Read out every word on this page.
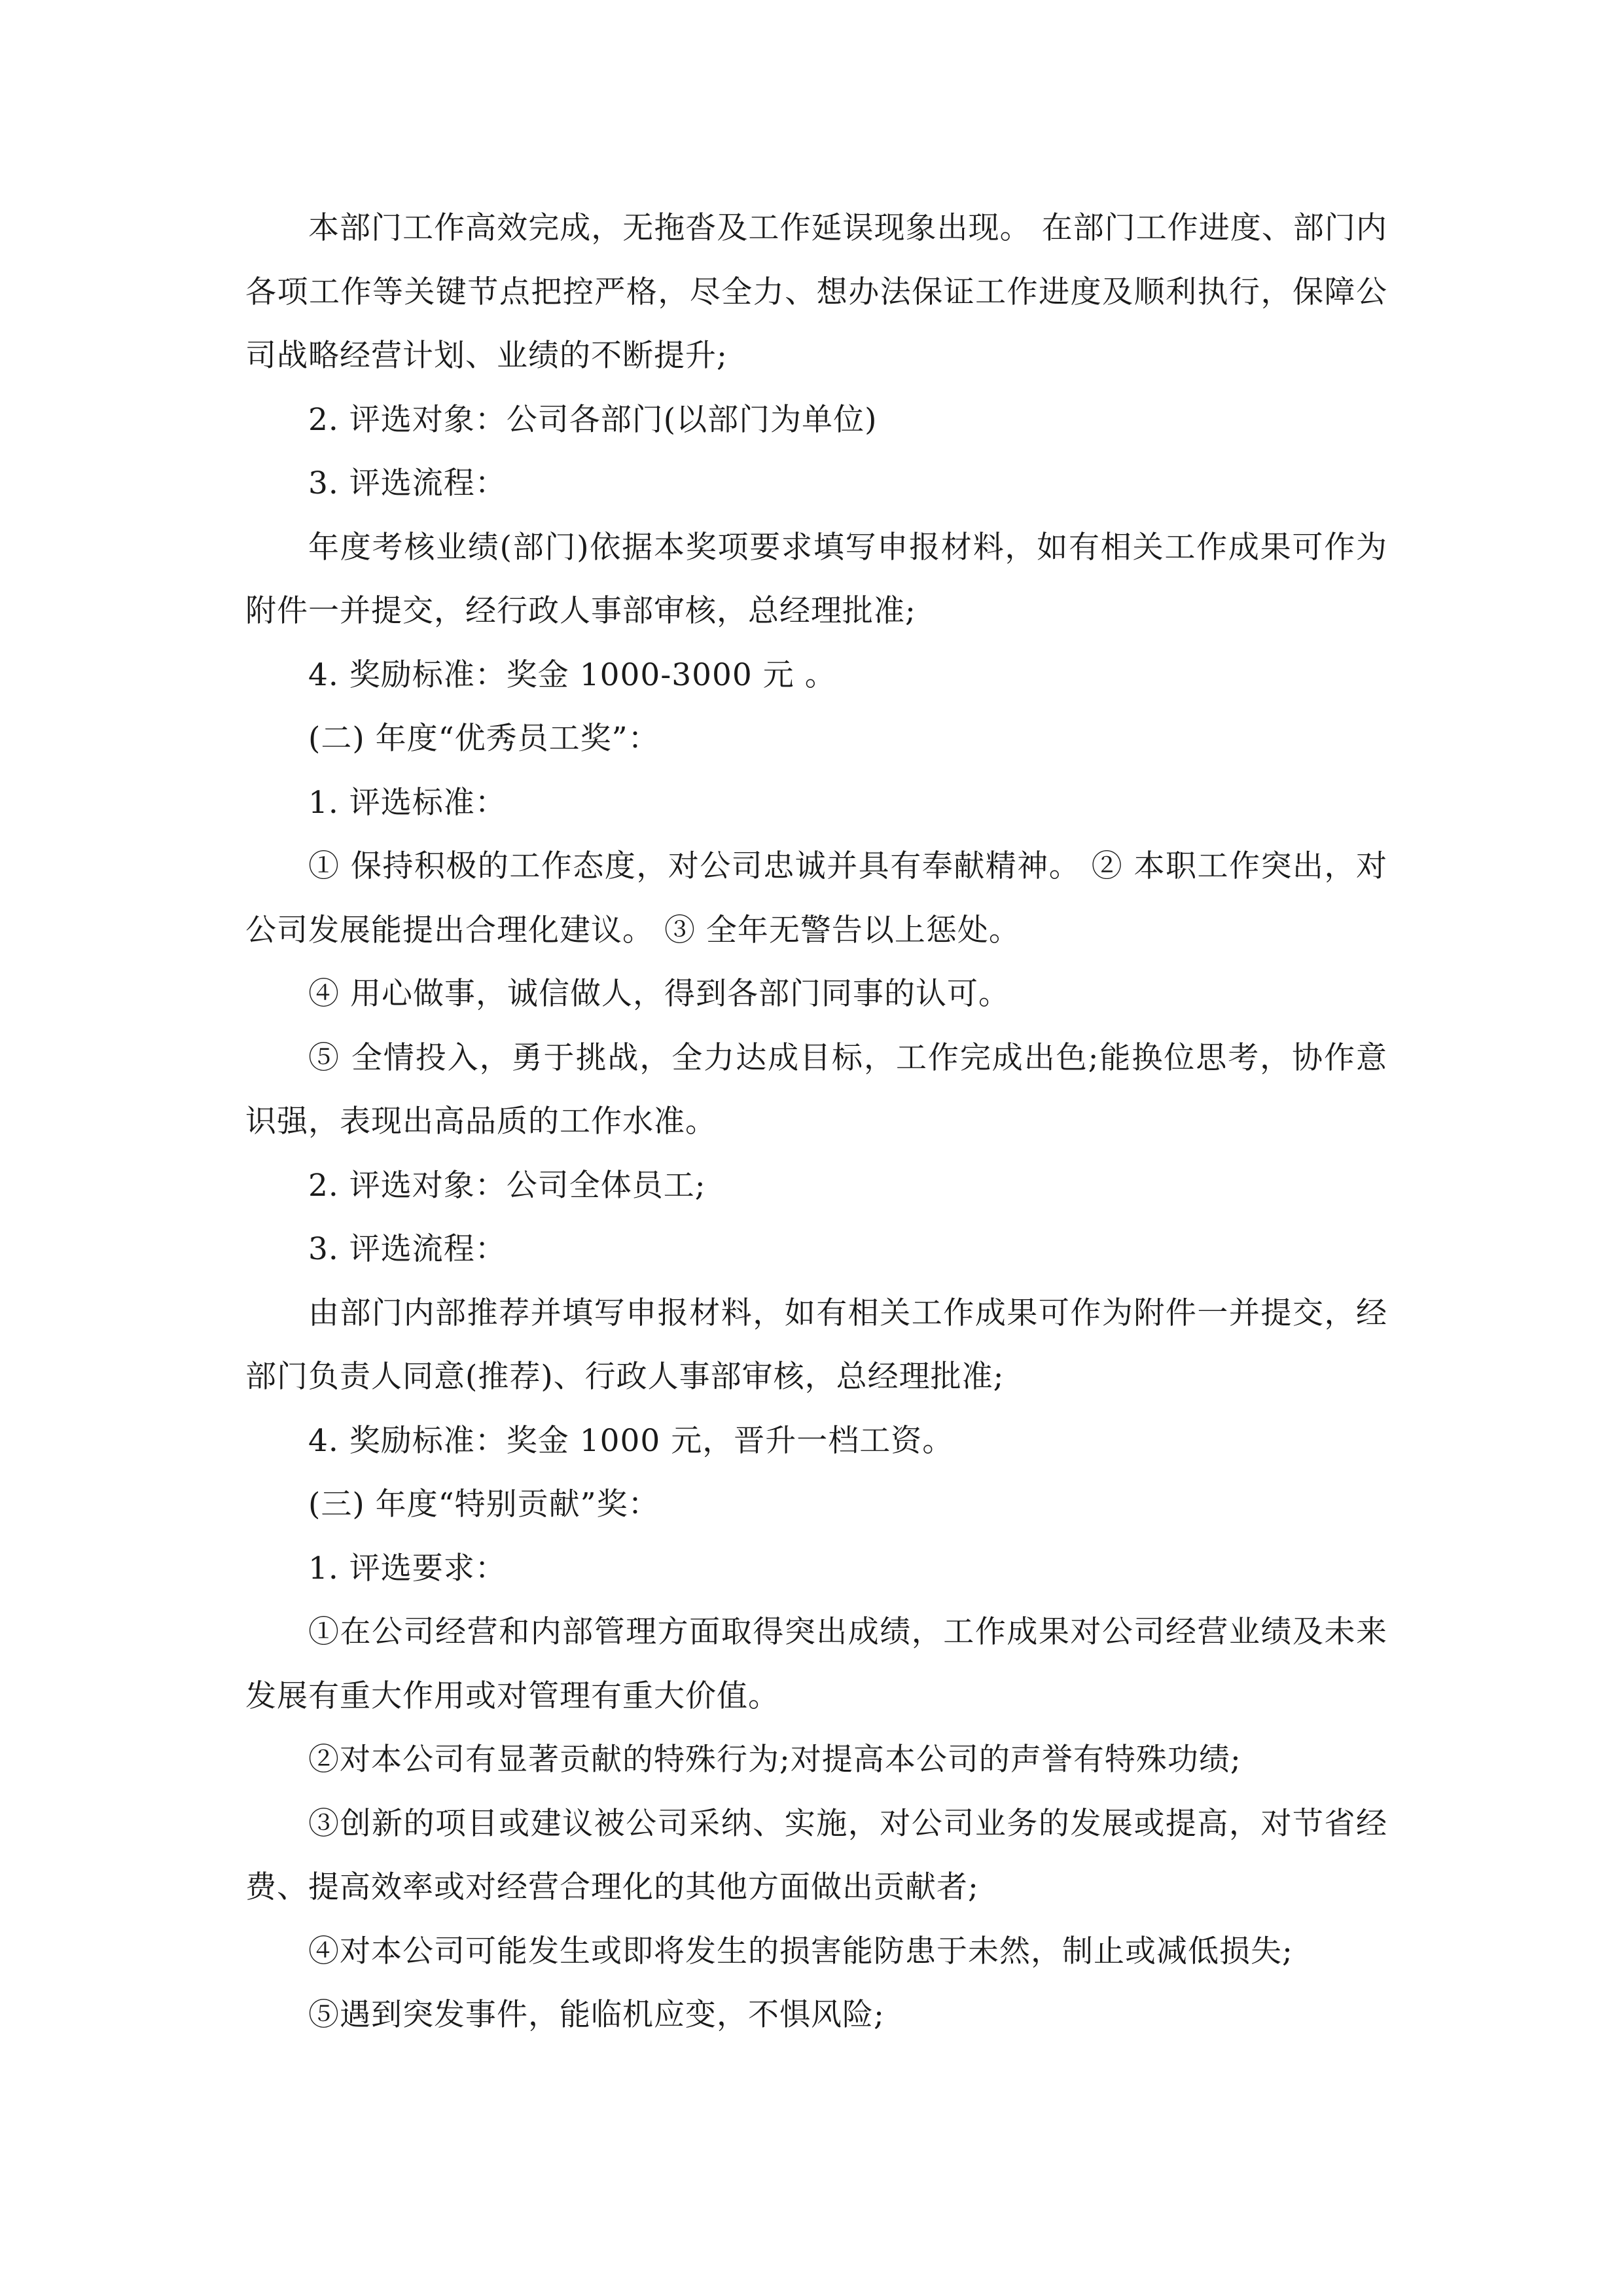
本部门工作高效完成，无拖沓及工作延误现象出现。 在部门工作进度、部门内各项工作等关键节点把控严格，尽全力、想办法保证工作进度及顺利执行，保障公司战略经营计划、业绩的不断提升;

2. 评选对象：公司各部门(以部门为单位)

3. 评选流程：

年度考核业绩(部门)依据本奖项要求填写申报材料，如有相关工作成果可作为附件一并提交，经行政人事部审核，总经理批准;

4. 奖励标准：奖金 1000-3000 元 。

(二) 年度“优秀员工奖”：

1. 评选标准：

① 保持积极的工作态度，对公司忠诚并具有奉献精神。 ② 本职工作突出，对公司发展能提出合理化建议。 ③ 全年无警告以上惩处。

④ 用心做事，诚信做人，得到各部门同事的认可。

⑤ 全情投入，勇于挑战，全力达成目标，工作完成出色;能换位思考，协作意识强，表现出高品质的工作水准。

2. 评选对象：公司全体员工;

3. 评选流程：

由部门内部推荐并填写申报材料，如有相关工作成果可作为附件一并提交，经部门负责人同意(推荐)、行政人事部审核，总经理批准;

4. 奖励标准：奖金 1000 元，晋升一档工资。

(三) 年度“特别贡献”奖：

1. 评选要求：

①在公司经营和内部管理方面取得突出成绩，工作成果对公司经营业绩及未来发展有重大作用或对管理有重大价值。

②对本公司有显著贡献的特殊行为;对提高本公司的声誉有特殊功绩;

③创新的项目或建议被公司采纳、实施，对公司业务的发展或提高，对节省经费、提高效率或对经营合理化的其他方面做出贡献者;

④对本公司可能发生或即将发生的损害能防患于未然，制止或减低损失;

⑤遇到突发事件，能临机应变，不惧风险;
